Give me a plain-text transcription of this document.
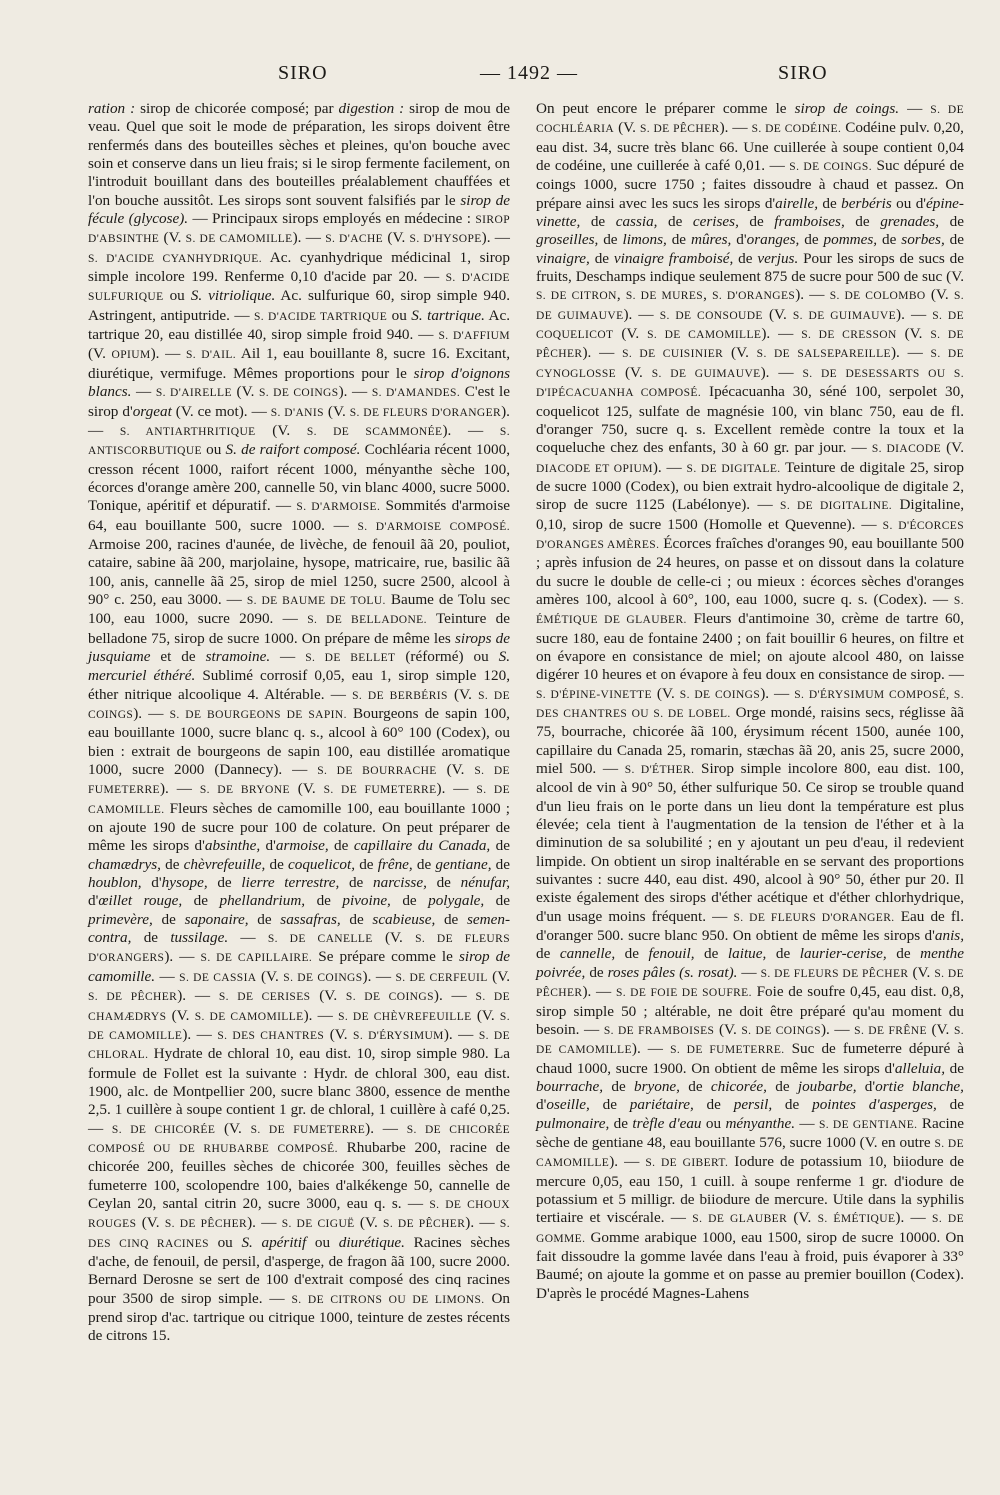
SIRO	— 1492 —	SIRO

ration : sirop de chicorée composé; par digestion : sirop de mou de veau. Quel que soit le mode de préparation, les sirops doivent être renfermés dans des bouteilles sèches et pleines, qu'on bouche avec soin et conserve dans un lieu frais; si le sirop fermente facilement, on l'introduit bouillant dans des bouteilles préalablement chauffées et l'on bouche aussitôt. Les sirops sont souvent falsifiés par le sirop de fécule (glycose). — Principaux sirops employés en médecine : SIROP D'ABSINTHE (V. S. DE CAMOMILLE). — S. D'ACHE (V. S. D'HYSOPE). — S. D'ACIDE CYANHYDRIQUE. Ac. cyanhydrique médicinal 1, sirop simple incolore 199. Renferme 0,10 d'acide par 20. — S. D'ACIDE SULFURIQUE ou S. vitriolique. Ac. sulfurique 60, sirop simple 940. Astringent, antiputride. — S. D'ACIDE TARTRIQUE ou S. tartrique. Ac. tartrique 20, eau distillée 40, sirop simple froid 940. — S. D'AFFIUM (V. OPIUM). — S. D'AIL. Ail 1, eau bouillante 8, sucre 16. Excitant, diurétique, vermifuge. Mêmes proportions pour le sirop d'oignons blancs. — S. D'AIRELLE (V. S. DE COINGS). — S. D'AMANDES. C'est le sirop d'orgeat (V. ce mot). — S. D'ANIS (V. S. DE FLEURS D'ORANGER). — S. ANTIARTHRITIQUE (V. S. DE SCAMMONÉE). — S. ANTISCORBUTIQUE ou S. de raifort composé. Cochléaria récent 1000, cresson récent 1000, raifort récent 1000, ményanthe sèche 100, écorces d'orange amère 200, cannelle 50, vin blanc 4000, sucre 5000. Tonique, apéritif et dépuratif. — S. D'ARMOISE. Sommités d'armoise 64, eau bouillante 500, sucre 1000. — S. D'ARMOISE COMPOSÉ. Armoise 200, racines d'aunée, de livèche, de fenouil ãã 20, pouliot, cataire, sabine ãã 200, marjolaine, hysope, matricaire, rue, basilic ãã 100, anis, cannelle ãã 25, sirop de miel 1250, sucre 2500, alcool à 90° c. 250, eau 3000. — S. DE BAUME DE TOLU. Baume de Tolu sec 100, eau 1000, sucre 2090. — S. DE BELLADONE. Teinture de belladone 75, sirop de sucre 1000. On prépare de même les sirops de jusquiame et de stramoine. — S. DE BELLET (réformé) ou S. mercuriel éthéré. Sublimé corrosif 0,05, eau 1, sirop simple 120, éther nitrique alcoolique 4. Altérable. — S. DE BERBÉRIS (V. S. DE COINGS). — S. DE BOURGEONS DE SAPIN. Bourgeons de sapin 100, eau bouillante 1000, sucre blanc q. s., alcool à 60° 100 (Codex), ou bien : extrait de bourgeons de sapin 100, eau distillée aromatique 1000, sucre 2000 (Dannecy). — S. DE BOURRACHE (V. S. DE FUMETERRE). — S. DE BRYONE (V. S. DE FUMETERRE). — S. DE CAMOMILLE. Fleurs sèches de camomille 100, eau bouillante 1000 ; on ajoute 190 de sucre pour 100 de colature. On peut préparer de même les sirops d'absinthe, d'armoise, de capillaire du Canada, de chamædrys, de chèvrefeuille, de coquelicot, de frêne, de gentiane, de houblon, d'hysope, de lierre terrestre, de narcisse, de nénufar, d'œillet rouge, de phellandrium, de pivoine, de polygale, de primevère, de saponaire, de sassafras, de scabieuse, de semen-contra, de tussilage. — S. DE CANELLE (V. S. DE FLEURS D'ORANGERS). — S. DE CAPILLAIRE. Se prépare comme le sirop de camomille. — S. DE CASSIA (V. S. DE COINGS). — S. DE CERFEUIL (V. S. DE PÊCHER). — S. DE CERISES (V. S. DE COINGS). — S. DE CHAMÆDRYS (V. S. DE CAMOMILLE). — S. DE CHÈVREFEUILLE (V. S. DE CAMOMILLE). — S. DES CHANTRES (V. S. D'ÉRYSIMUM). — S. DE CHLORAL. Hydrate de chloral 10, eau dist. 10, sirop simple 980. La formule de Follet est la suivante : Hydr. de chloral 300, eau dist. 1900, alc. de Montpellier 200, sucre blanc 3800, essence de menthe 2,5. 1 cuillère à soupe contient 1 gr. de chloral, 1 cuillère à café 0,25. — S. DE CHICORÉE (V. S. DE FUMETERRE). — S. DE CHICORÉE COMPOSÉ OU DE RHUBARBE COMPOSÉ. Rhubarbe 200, racine de chicorée 200, feuilles sèches de chicorée 300, feuilles sèches de fumeterre 100, scolopendre 100, baies d'alkékenge 50, cannelle de Ceylan 20, santal citrin 20, sucre 3000, eau q. s. — S. DE CHOUX ROUGES (V. S. DE PÊCHER). — S. DE CIGUË (V. S. DE PÊCHER). — S. DES CINQ RACINES ou S. apéritif ou diurétique. Racines sèches d'ache, de fenouil, de persil, d'asperge, de fragon ãã 100, sucre 2000. Bernard Derosne se sert de 100 d'extrait composé des cinq racines pour 3500 de sirop simple. — S. DE CITRONS OU DE LIMONS. On prend sirop d'ac. tartrique ou citrique 1000, teinture de zestes récents de citrons 15.

On peut encore le préparer comme le sirop de coings. — S. DE COCHLÉARIA (V. S. DE PÊCHER). — S. DE CODÉINE. Codéine pulv. 0,20, eau dist. 34, sucre très blanc 66. Une cuillerée à soupe contient 0,04 de codéine, une cuillerée à café 0,01. — S. DE COINGS. Suc dépuré de coings 1000, sucre 1750 ; faites dissoudre à chaud et passez. On prépare ainsi avec les sucs les sirops d'airelle, de berbéris ou d'épine-vinette, de cassia, de cerises, de framboises, de grenades, de groseilles, de limons, de mûres, d'oranges, de pommes, de sorbes, de vinaigre, de vinaigre framboisé, de verjus. Pour les sirops de sucs de fruits, Deschamps indique seulement 875 de sucre pour 500 de suc (V. S. DE CITRON, S. DE MURES, S. D'ORANGES). — S. DE COLOMBO (V. S. DE GUIMAUVE). — S. DE CONSOUDE (V. S. DE GUIMAUVE). — S. DE COQUELICOT (V. S. DE CAMOMILLE). — S. DE CRESSON (V. S. DE PÊCHER). — S. DE CUISINIER (V. S. DE SALSEPAREILLE). — S. DE CYNOGLOSSE (V. S. DE GUIMAUVE). — S. DE DESESSARTS OU S. D'IPÉCACUANHA COMPOSÉ. Ipécacuanha 30, séné 100, serpolet 30, coquelicot 125, sulfate de magnésie 100, vin blanc 750, eau de fl. d'oranger 750, sucre q. s. Excellent remède contre la toux et la coqueluche chez des enfants, 30 à 60 gr. par jour. — S. DIACODE (V. DIACODE ET OPIUM). — S. DE DIGITALE. Teinture de digitale 25, sirop de sucre 1000 (Codex), ou bien extrait hydro-alcoolique de digitale 2, sirop de sucre 1125 (Labélonye). — S. DE DIGITALINE. Digitaline, 0,10, sirop de sucre 1500 (Homolle et Quevenne). — S. D'ÉCORCES D'ORANGES AMÈRES. Écorces fraîches d'oranges 90, eau bouillante 500 ; après infusion de 24 heures, on passe et on dissout dans la colature du sucre le double de celle-ci ; ou mieux : écorces sèches d'oranges amères 100, alcool à 60°, 100, eau 1000, sucre q. s. (Codex). — S. ÉMÉTIQUE DE GLAUBER. Fleurs d'antimoine 30, crème de tartre 60, sucre 180, eau de fontaine 2400 ; on fait bouillir 6 heures, on filtre et on évapore en consistance de miel; on ajoute alcool 480, on laisse digérer 10 heures et on évapore à feu doux en consistance de sirop. — S. D'ÉPINE-VINETTE (V. S. DE COINGS). — S. D'ÉRYSIMUM COMPOSÉ, S. DES CHANTRES OU S. DE LOBEL. Orge mondé, raisins secs, réglisse ãã 75, bourrache, chicorée ãã 100, érysimum récent 1500, aunée 100, capillaire du Canada 25, romarin, stæchas ãã 20, anis 25, sucre 2000, miel 500. — S. D'ÉTHER. Sirop simple incolore 800, eau dist. 100, alcool de vin à 90° 50, éther sulfurique 50. Ce sirop se trouble quand d'un lieu frais on le porte dans un lieu dont la température est plus élevée; cela tient à l'augmentation de la tension de l'éther et à la diminution de sa solubilité ; en y ajoutant un peu d'eau, il redevient limpide. On obtient un sirop inaltérable en se servant des proportions suivantes : sucre 440, eau dist. 490, alcool à 90° 50, éther pur 20. Il existe également des sirops d'éther acétique et d'éther chlorhydrique, d'un usage moins fréquent. — S. DE FLEURS D'ORANGER. Eau de fl. d'oranger 500. sucre blanc 950. On obtient de même les sirops d'anis, de cannelle, de fenouil, de laitue, de laurier-cerise, de menthe poivrée, de roses pâles (s. rosat). — S. DE FLEURS DE PÊCHER (V. S. DE PÊCHER). — S. DE FOIE DE SOUFRE. Foie de soufre 0,45, eau dist. 0,8, sirop simple 50 ; altérable, ne doit être préparé qu'au moment du besoin. — S. DE FRAMBOISES (V. S. DE COINGS). — S. DE FRÊNE (V. S. DE CAMOMILLE). — S. DE FUMETERRE. Suc de fumeterre dépuré à chaud 1000, sucre 1900. On obtient de même les sirops d'alleluia, de bourrache, de bryone, de chicorée, de joubarbe, d'ortie blanche, d'oseille, de pariétaire, de persil, de pointes d'asperges, de pulmonaire, de trèfle d'eau ou ményanthe. — S. DE GENTIANE. Racine sèche de gentiane 48, eau bouillante 576, sucre 1000 (V. en outre S. DE CAMOMILLE). — S. DE GIBERT. Iodure de potassium 10, biiodure de mercure 0,05, eau 150, 1 cuill. à soupe renferme 1 gr. d'iodure de potassium et 5 milligr. de biiodure de mercure. Utile dans la syphilis tertiaire et viscérale. — S. DE GLAUBER (V. S. ÉMÉTIQUE). — S. DE GOMME. Gomme arabique 1000, eau 1500, sirop de sucre 10000. On fait dissoudre la gomme lavée dans l'eau à froid, puis évaporer à 33° Baumé; on ajoute la gomme et on passe au premier bouillon (Codex). D'après le procédé Magnes-Lahens
